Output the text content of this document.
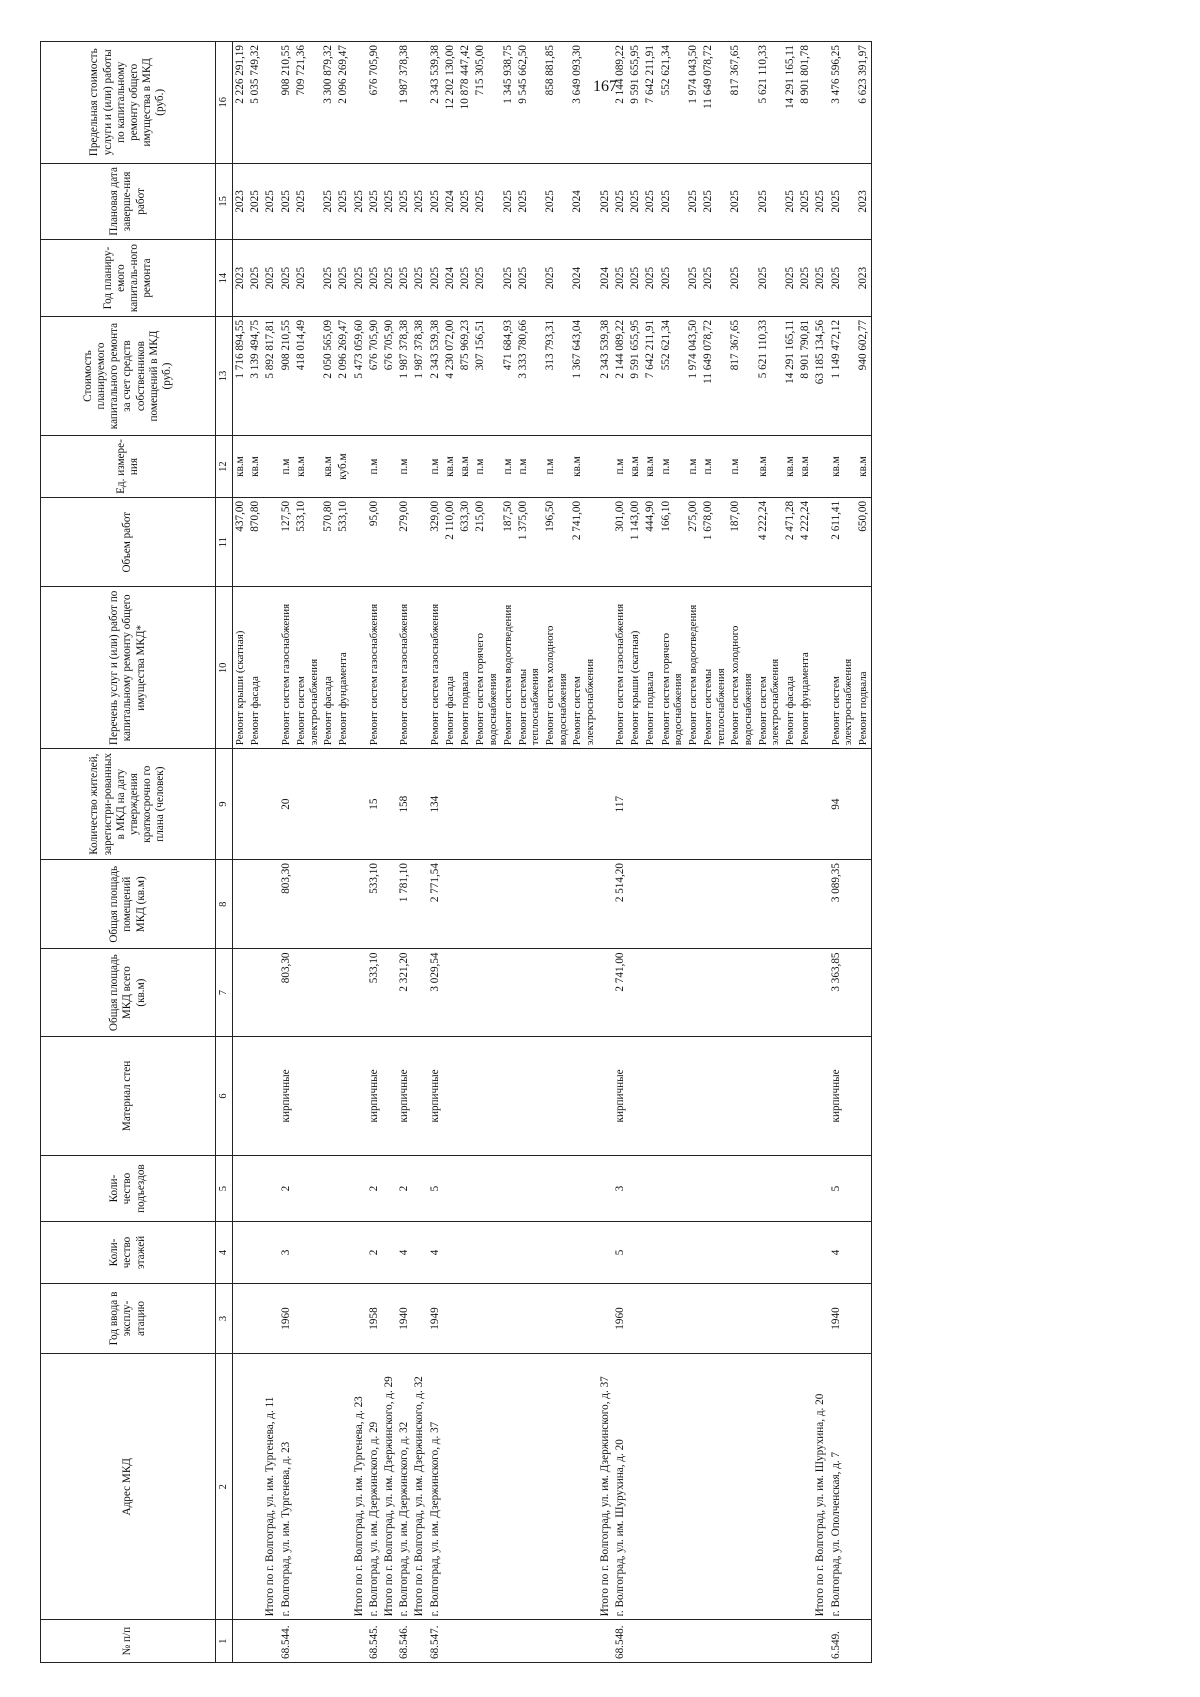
167
№ п/п	Адрес МКД	Год ввода в эксплу-атацию	Коли-чество этажей	Коли-чество подъездов	Материал стен	Общая площадь МКД всего (кв.м)	Общая площадь помещений МКД (кв.м)	Количество жителей, зарегистри-рованных в МКД на дату утверждения краткосрочно го плана (человек)	Перечень услуг и (или) работ по капитальному ремонту общего имущества МКД*	Объем работ	Ед. измере-ния	Стоимость планируемого капитального ремонта за счет средств собственников помещений в МКД (руб.)	Год планиру-емого капиталь-ного ремонта	Плановая дата заверше-ния работ	Предельная стоимость услуги и (или) работы по капитальному ремонту общего имущества в МКД (руб.)
1	2	3	4	5	6	7	8	9	10	11	12	13	14	15	16
									Ремонт крыши (скатная)	437,00	кв.м	1 716 894,55	2023	2023	2 226 291,19
									Ремонт фасада	870,80	кв.м	3 139 494,75	2025	2025	5 035 749,32
	Итого по г. Волгоград, ул. им. Тургенева, д. 11											5 892 817,81	2025	2025	
68.544.	г. Волгоград, ул. им. Тургенева, д. 23	1960	3	2	кирпичные	803,30	803,30	20	Ремонт систем газоснабжения	127,50	п.м	908 210,55	2025	2025	908 210,55
									Ремонт систем электроснабжения	533,10	кв.м	418 014,49	2025	2025	709 721,36
									Ремонт фасада	570,80	кв.м	2 050 565,09	2025	2025	3 300 879,32
									Ремонт фундамента	533,10	куб.м	2 096 269,47	2025	2025	2 096 269,47
	Итого по г. Волгоград, ул. им. Тургенева, д. 23											5 473 059,60	2025	2025	
68.545.	г. Волгоград, ул. им. Дзержинского, д. 29	1958	2	2	кирпичные	533,10	533,10	15	Ремонт систем газоснабжения	95,00	п.м	676 705,90	2025	2025	676 705,90
	Итого по г. Волгоград, ул. им. Дзержинского, д. 29											676 705,90	2025	2025	
68.546.	г. Волгоград, ул. им. Дзержинского, д. 32	1940	4	2	кирпичные	2 321,20	1 781,10	158	Ремонт систем газоснабжения	279,00	п.м	1 987 378,38	2025	2025	1 987 378,38
	Итого по г. Волгоград, ул. им. Дзержинского, д. 32											1 987 378,38	2025	2025	
68.547.	г. Волгоград, ул. им. Дзержинского, д. 37	1949	4	5	кирпичные	3 029,54	2 771,54	134	Ремонт систем газоснабжения	329,00	п.м	2 343 539,38	2025	2025	2 343 539,38
									Ремонт фасада	2 110,00	кв.м	4 230 072,00	2024	2024	12 202 130,00
									Ремонт подвала	633,30	кв.м	875 969,23	2025	2025	10 878 447,42
									Ремонт систем горячего водоснабжения	215,00	п.м	307 156,51	2025	2025	715 305,00
									Ремонт систем водоотведения	187,50	п.м	471 684,93	2025	2025	1 345 938,75
									Ремонт системы теплоснабжения	1 375,00	п.м	3 333 780,66	2025	2025	9 545 662,50
									Ремонт систем холодного водоснабжения	196,50	п.м	313 793,31	2025	2025	858 881,85
									Ремонт систем электроснабжения	2 741,00	кв.м	1 367 643,04	2024	2024	3 649 093,30
	Итого по г. Волгоград, ул. им. Дзержинского, д. 37											2 343 539,38	2024	2025	
68.548.	г. Волгоград, ул. им. Шурухина, д. 20	1960	5	3	кирпичные	2 741,00	2 514,20	117	Ремонт систем газоснабжения	301,00	п.м	2 144 089,22	2025	2025	2 144 089,22
									Ремонт крыши (скатная)	1 143,00	кв.м	9 591 655,95	2025	2025	9 591 655,95
									Ремонт подвала	444,90	кв.м	7 642 211,91	2025	2025	7 642 211,91
									Ремонт систем горячего водоснабжения	166,10	п.м	552 621,34	2025	2025	552 621,34
									Ремонт систем водоотведения	275,00	п.м	1 974 043,50	2025	2025	1 974 043,50
									Ремонт системы теплоснабжения	1 678,00	п.м	11 649 078,72	2025	2025	11 649 078,72
									Ремонт систем холодного водоснабжения	187,00	п.м	817 367,65	2025	2025	817 367,65
									Ремонт систем электроснабжения	4 222,24	кв.м	5 621 110,33	2025	2025	5 621 110,33
									Ремонт фасада	2 471,28	кв.м	14 291 165,11	2025	2025	14 291 165,11
									Ремонт фундамента	4 222,24	кв.м	8 901 790,81	2025	2025	8 901 801,78
	Итого по г. Волгоград, ул. им. Шурухина, д. 20											63 185 134,56	2025	2025	
6.549.	г. Волгоград, ул. Ополченская, д. 7	1940	4	5	кирпичные	3 363,85	3 089,35	94	Ремонт систем электроснабжения	2 611,41	кв.м	1 149 472,12	2025	2025	3 476 596,25
									Ремонт подвала	650,00	кв.м	940 602,77	2023	2023	6 623 391,97
